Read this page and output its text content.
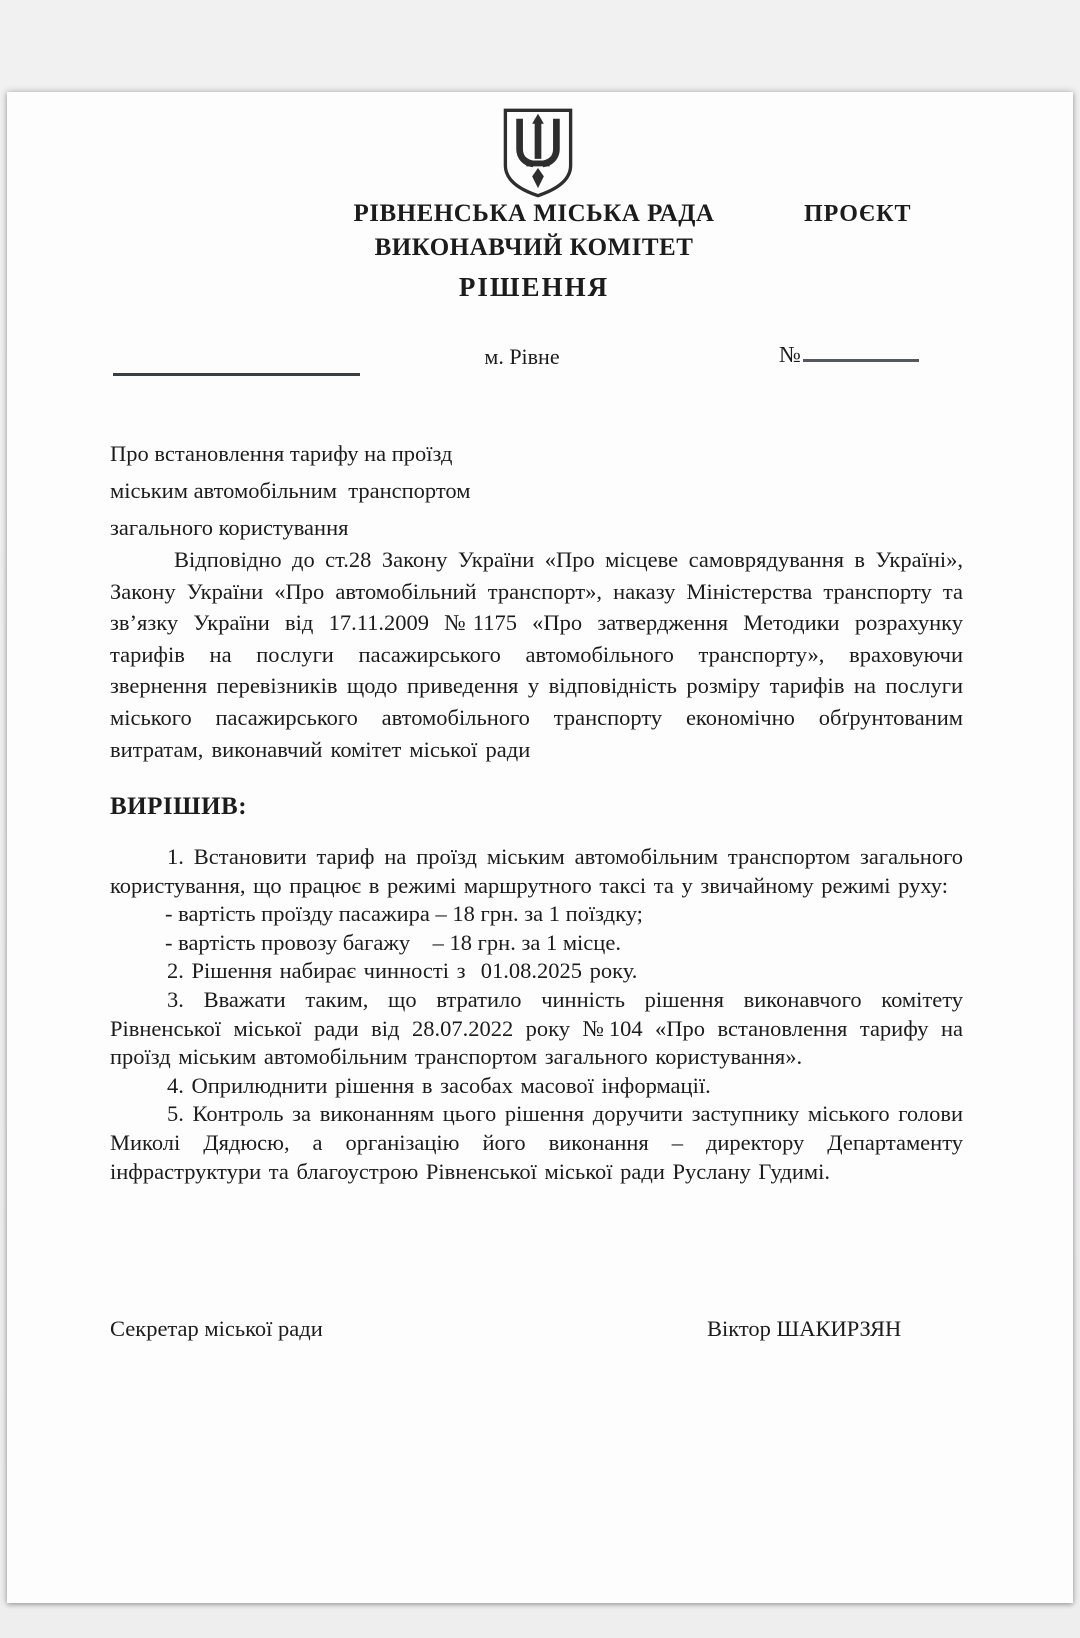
РІВНЕНСЬКА МІСЬКА РАДА	ПРОЄКТ
ВИКОНАВЧИЙ КОМІТЕТ
РІШЕННЯ
м. Рівне	№
Про встановлення тарифу на проїзд
міським автомобільним  транспортом
загального користування
Відповідно до ст.28 Закону України «Про місцеве самоврядування в Україні», Закону України «Про автомобільний транспорт», наказу Міністерства транспорту та зв’язку України від 17.11.2009 №1175 «Про затвердження Методики розрахунку тарифів на послуги пасажирського автомобільного транспорту», враховуючи звернення перевізників щодо приведення у відповідність розміру тарифів на послуги міського пасажирського автомобільного транспорту економічно обґрунтованим витратам, виконавчий комітет міської ради
ВИРІШИВ:

1. Встановити тариф на проїзд міським автомобільним транспортом загального користування, що працює в режимі маршрутного таксі та у звичайному режимі руху:

- вартість проїзду пасажира – 18 грн. за 1 поїздку;

- вартість провозу багажу    – 18 грн. за 1 місце.

2. Рішення набирає чинності з  01.08.2025 року.

3. Вважати таким, що втратило чинність рішення виконавчого комітету Рівненської міської ради від 28.07.2022 року №104 «Про встановлення тарифу на проїзд міським автомобільним транспортом загального користування».

4. Оприлюднити рішення в засобах масової інформації.

5. Контроль за виконанням цього рішення доручити заступнику міського голови Миколі Дядюсю, а організацію його виконання – директору Департаменту інфраструктури та благоустрою Рівненської міської ради Руслану Гудимі.

Секретар міської ради	Віктор ШАКИРЗЯН
